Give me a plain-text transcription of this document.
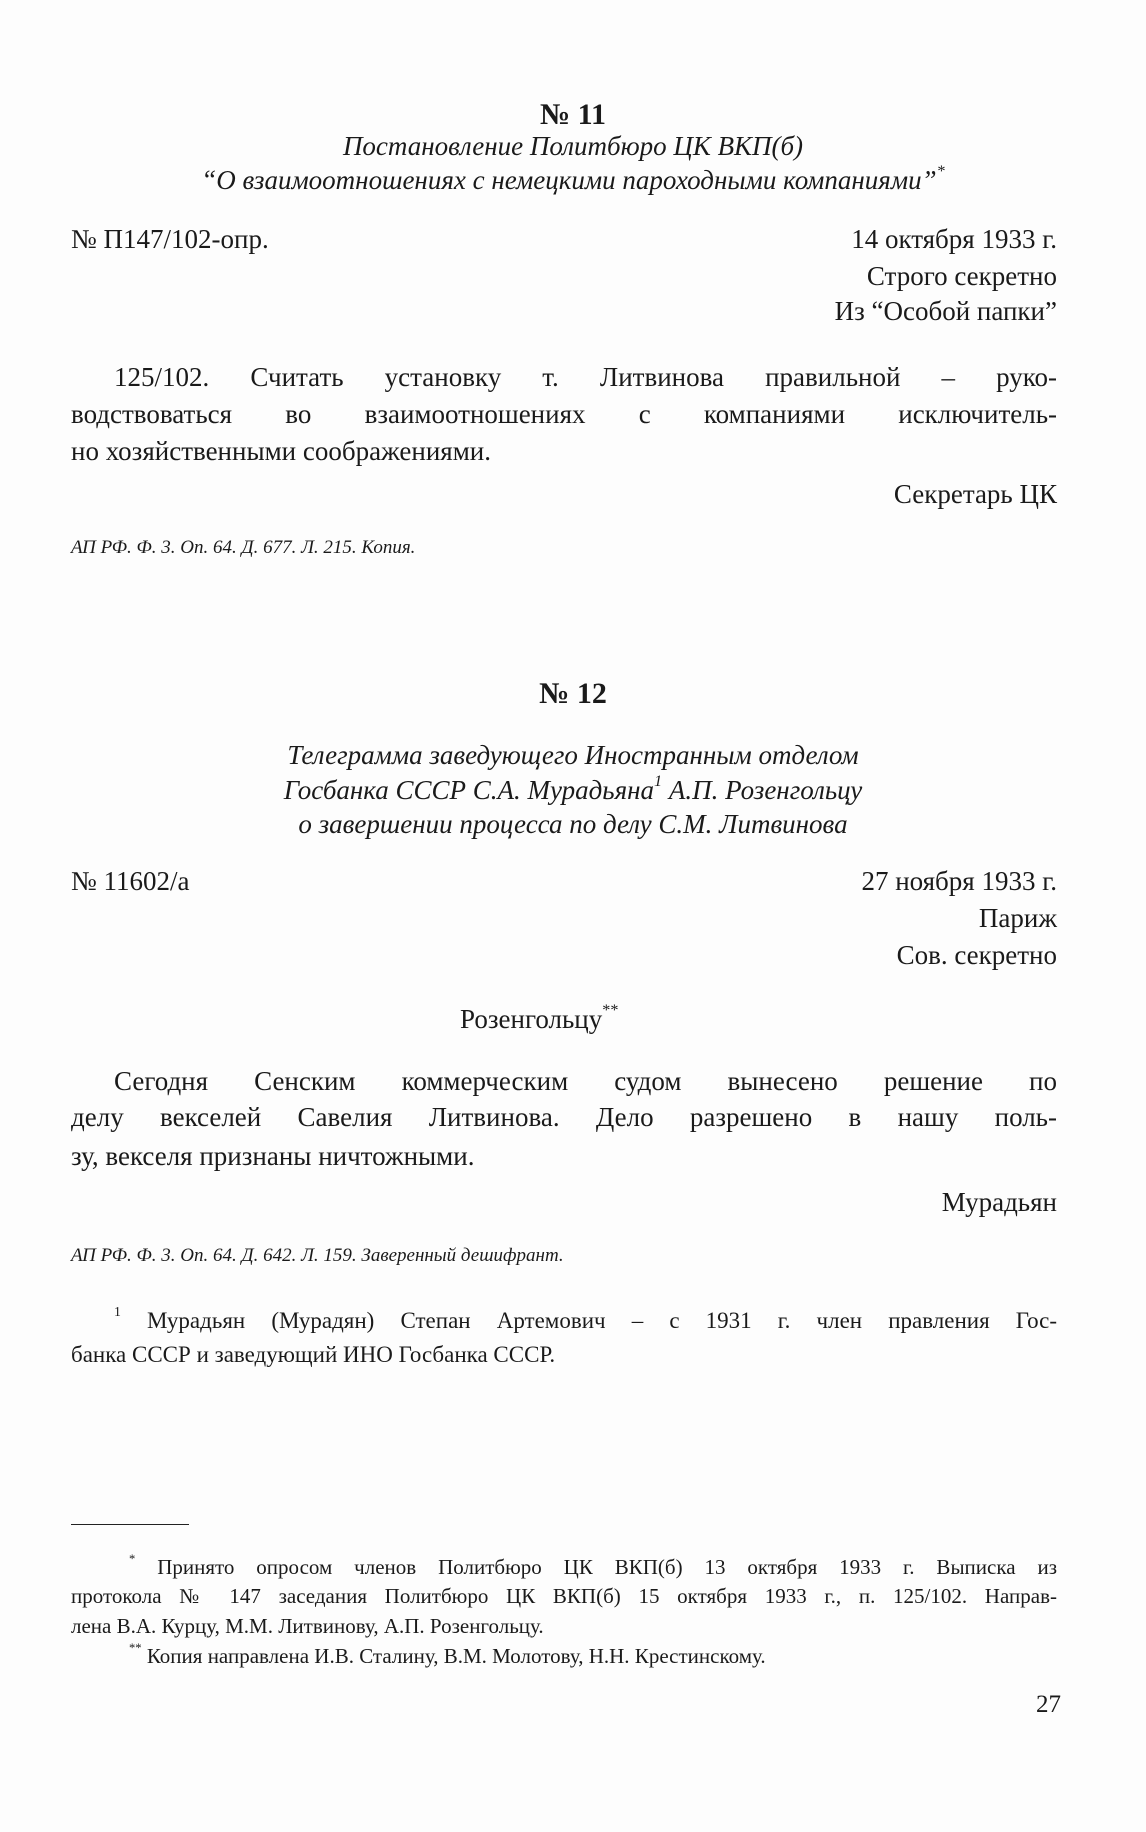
№ 11
Постановление Политбюро ЦК ВКП(б)
“О взаимоотношениях с немецкими пароходными компаниями”*
№ П147/102-опр.	14 октября 1933 г.
Строго секретно
Из “Особой папки”
125/102. Считать установку т. Литвинова правильной – руко-
водствоваться во взаимоотношениях с компаниями исключитель-
но хозяйственными соображениями.
Секретарь ЦК
АП РФ. Ф. 3. Оп. 64. Д. 677. Л. 215. Копия.
№ 12
Телеграмма заведующего Иностранным отделом
Госбанка СССР С.А. Мурадьяна$^1$ А.П. Розенгольцу
о завершении процесса по делу С.М. Литвинова
№ 11602/а	27 ноября 1933 г.
Париж
Сов. секретно
Розенгольцу**
Сегодня Сенским коммерческим судом вынесено решение по
делу векселей Савелия Литвинова. Дело разрешено в нашу поль-
зу, векселя признаны ничтожными.
Мурадьян
АП РФ. Ф. 3. Оп. 64. Д. 642. Л. 159. Заверенный дешифрант.
$^1$ Мурадьян (Мурадян) Степан Артемович – с 1931 г. член правления Гос-
банка СССР и заведующий ИНО Госбанка СССР.
* Принято опросом членов Политбюро ЦК ВКП(б) 13 октября 1933 г. Выписка из
протокола № 147 заседания Политбюро ЦК ВКП(б) 15 октября 1933 г., п. 125/102. Направ-
лена В.А. Курцу, М.М. Литвинову, А.П. Розенгольцу.
** Копия направлена И.В. Сталину, В.М. Молотову, Н.Н. Крестинскому.
27
